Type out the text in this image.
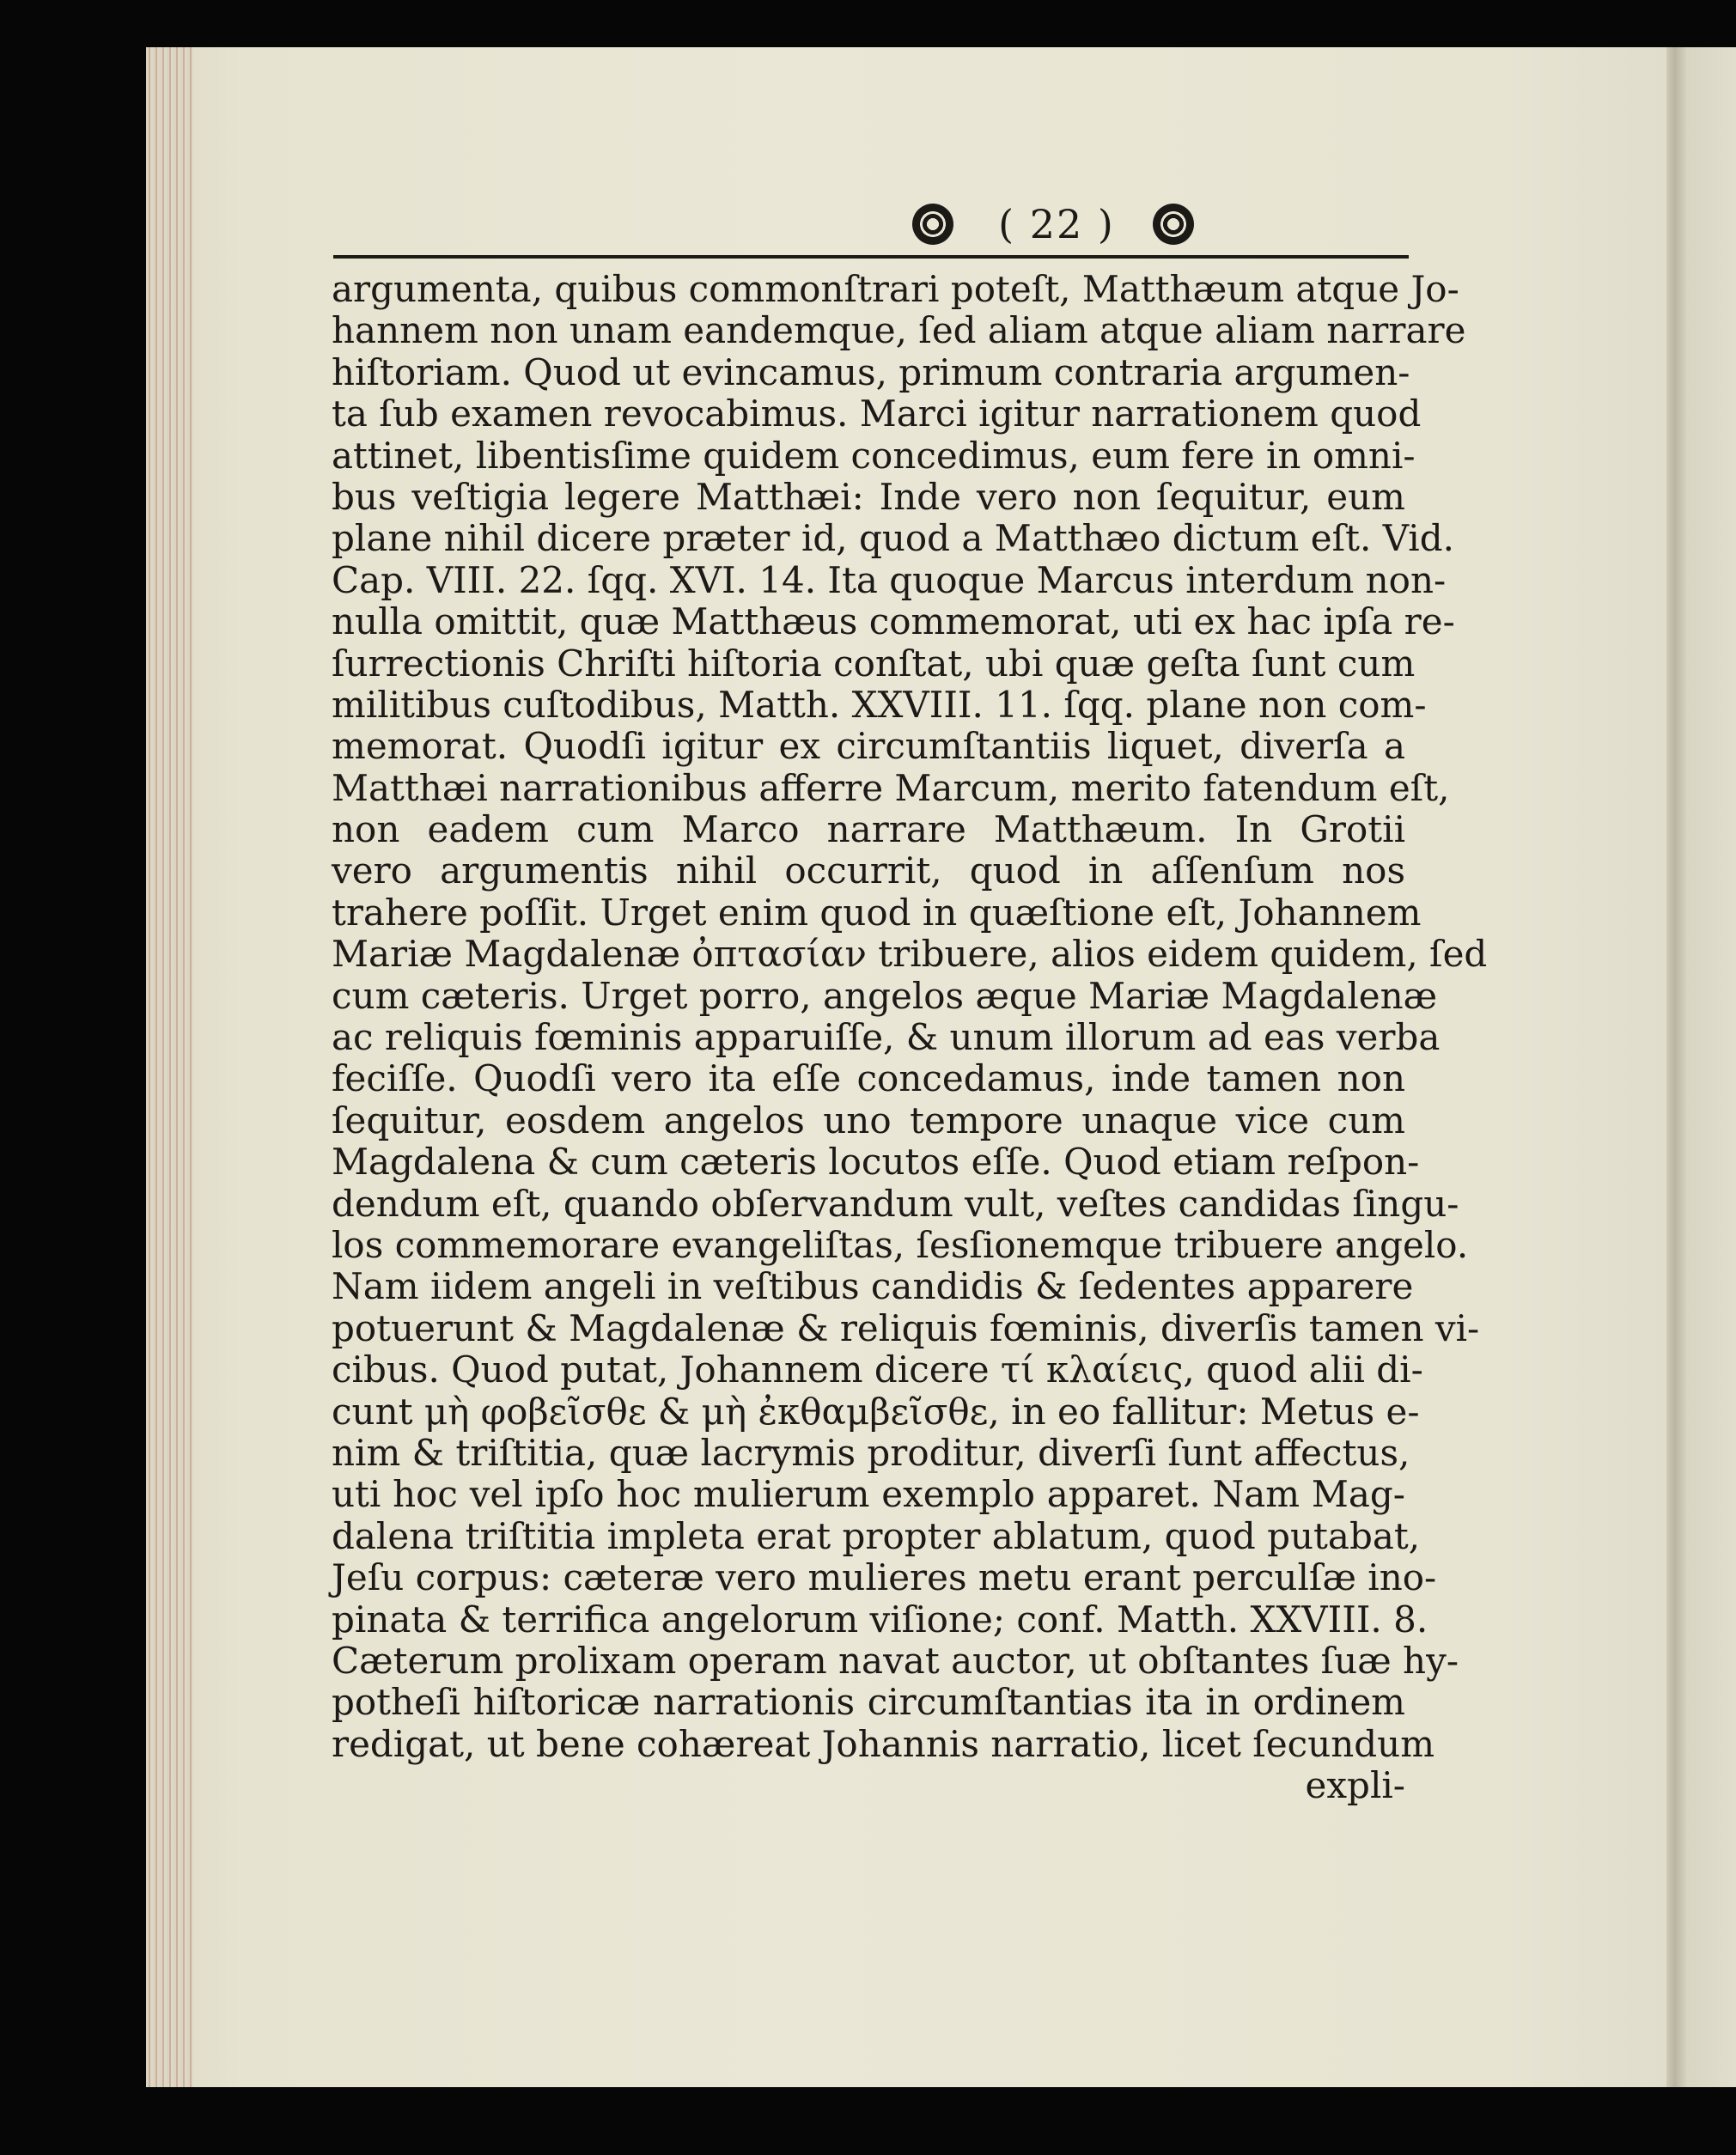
( 22 )
argumenta, quibus commonſtrari poteſt, Matthæum atque Jo-
hannem non unam eandemque, ſed aliam atque aliam narrare
hiſtoriam. Quod ut evincamus, primum contraria argumen-
ta ſub examen revocabimus. Marci igitur narrationem quod
attinet, libentisſime quidem concedimus, eum fere in omni-
bus veſtigia legere Matthæi: Inde vero non ſequitur, eum
plane nihil dicere præter id, quod a Matthæo dictum eſt. Vid.
Cap. VIII. 22. ſqq. XVI. 14. Ita quoque Marcus interdum non-
nulla omittit, quæ Matthæus commemorat, uti ex hac ipſa re-
ſurrectionis Chriſti hiſtoria conſtat, ubi quæ geſta ſunt cum
militibus cuſtodibus, Matth. XXVIII. 11. ſqq. plane non com-
memorat. Quodſi igitur ex circumſtantiis liquet, diverſa a
Matthæi narrationibus afferre Marcum, merito fatendum eſt,
non eadem cum Marco narrare Matthæum. In Grotii
vero argumentis nihil occurrit, quod in aſſenſum nos
trahere poſſit. Urget enim quod in quæſtione eſt, Johannem
Mariæ Magdalenæ ὀπτασίαν tribuere, alios eidem quidem, ſed
cum cæteris. Urget porro, angelos æque Mariæ Magdalenæ
ac reliquis fœminis apparuiſſe, & unum illorum ad eas verba
feciſſe. Quodſi vero ita eſſe concedamus, inde tamen non
ſequitur, eosdem angelos uno tempore unaque vice cum
Magdalena & cum cæteris locutos eſſe. Quod etiam reſpon-
dendum eſt, quando obſervandum vult, veſtes candidas ſingu-
los commemorare evangeliſtas, ſesſionemque tribuere angelo.
Nam iidem angeli in veſtibus candidis & ſedentes apparere
potuerunt & Magdalenæ & reliquis fœminis, diverſis tamen vi-
cibus. Quod putat, Johannem dicere τί κλαίεις, quod alii di-
cunt μὴ φοβεῖσθε & μὴ ἐκθαμβεῖσθε, in eo fallitur: Metus e-
nim & triſtitia, quæ lacrymis proditur, diverſi ſunt affectus,
uti hoc vel ipſo hoc mulierum exemplo apparet. Nam Mag-
dalena triſtitia impleta erat propter ablatum, quod putabat,
Jeſu corpus: cæteræ vero mulieres metu erant perculſæ ino-
pinata & terrifica angelorum viſione; conf. Matth. XXVIII. 8.
Cæterum prolixam operam navat auctor, ut obſtantes ſuæ hy-
potheſi hiſtoricæ narrationis circumſtantias ita in ordinem
redigat, ut bene cohæreat Johannis narratio, licet ſecundum
expli-
